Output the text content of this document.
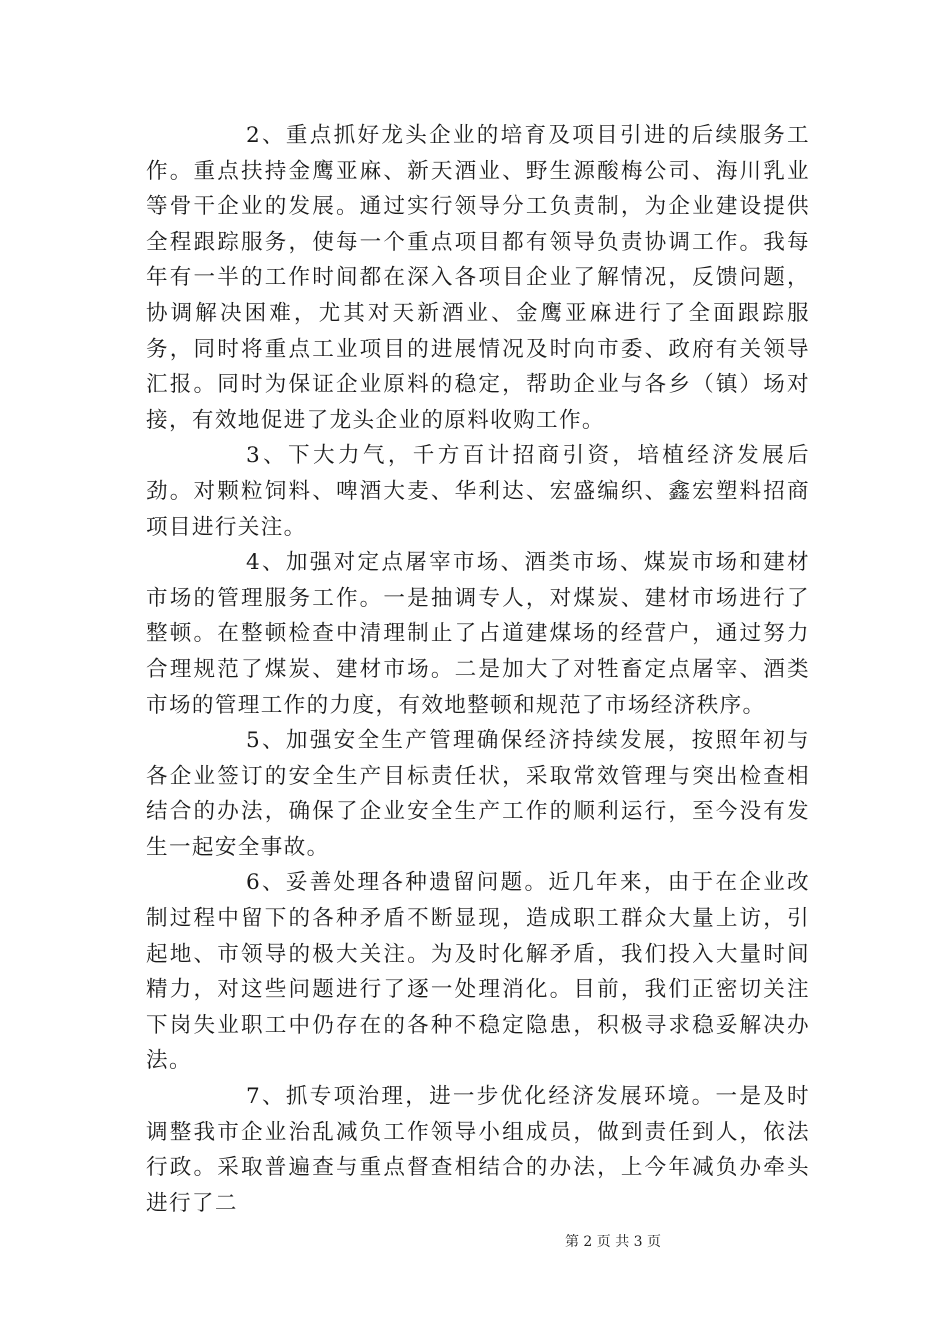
2、重点抓好龙头企业的培育及项目引进的后续服务工作。重点扶持金鹰亚麻、新天酒业、野生源酸梅公司、海川乳业等骨干企业的发展。通过实行领导分工负责制，为企业建设提供全程跟踪服务，使每一个重点项目都有领导负责协调工作。我每年有一半的工作时间都在深入各项目企业了解情况，反馈问题，协调解决困难，尤其对天新酒业、金鹰亚麻进行了全面跟踪服务，同时将重点工业项目的进展情况及时向市委、政府有关领导汇报。同时为保证企业原料的稳定，帮助企业与各乡（镇）场对接，有效地促进了龙头企业的原料收购工作。

3、下大力气，千方百计招商引资，培植经济发展后劲。对颗粒饲料、啤酒大麦、华利达、宏盛编织、鑫宏塑料招商项目进行关注。

4、加强对定点屠宰市场、酒类市场、煤炭市场和建材市场的管理服务工作。一是抽调专人，对煤炭、建材市场进行了整顿。在整顿检查中清理制止了占道建煤场的经营户，通过努力合理规范了煤炭、建材市场。二是加大了对牲畜定点屠宰、酒类市场的管理工作的力度，有效地整顿和规范了市场经济秩序。

5、加强安全生产管理确保经济持续发展，按照年初与各企业签订的安全生产目标责任状，采取常效管理与突出检查相结合的办法，确保了企业安全生产工作的顺利运行，至今没有发生一起安全事故。

6、妥善处理各种遗留问题。近几年来，由于在企业改制过程中留下的各种矛盾不断显现，造成职工群众大量上访，引起地、市领导的极大关注。为及时化解矛盾，我们投入大量时间精力，对这些问题进行了逐一处理消化。目前，我们正密切关注下岗失业职工中仍存在的各种不稳定隐患，积极寻求稳妥解决办法。

7、抓专项治理，进一步优化经济发展环境。一是及时调整我市企业治乱减负工作领导小组成员，做到责任到人，依法行政。采取普遍查与重点督查相结合的办法，上今年减负办牵头进行了二

第 2 页 共 3 页
